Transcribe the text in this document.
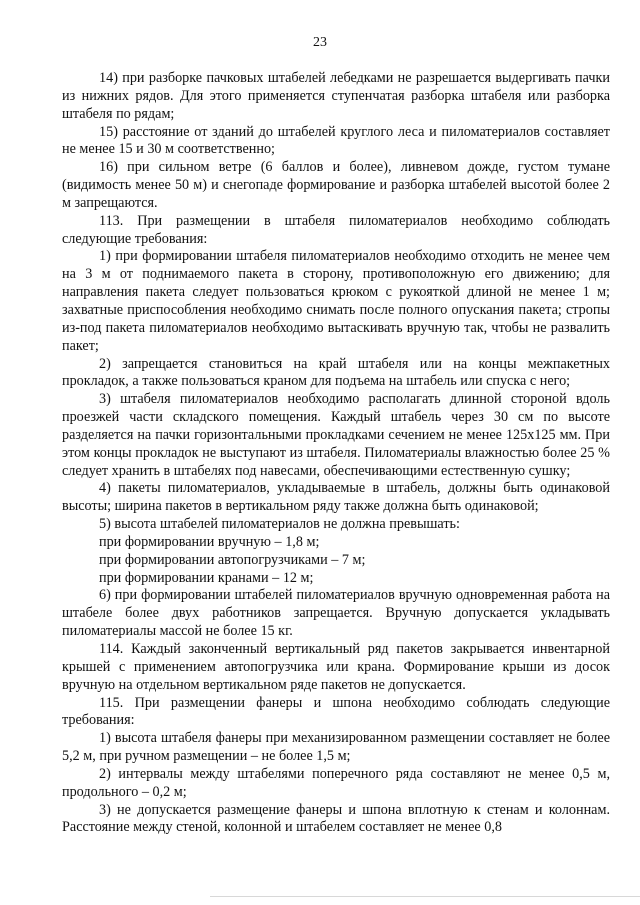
23

14) при разборке пачковых штабелей лебедками не разрешается выдергивать пачки из нижних рядов. Для этого применяется ступенчатая разборка штабеля или разборка штабеля по рядам;

15) расстояние от зданий до штабелей круглого леса и пиломатериалов составляет не менее 15 и 30 м соответственно;

16) при сильном ветре (6 баллов и более), ливневом дожде, густом тумане (видимость менее 50 м) и снегопаде формирование и разборка штабелей высотой более 2 м запрещаются.

113. При размещении в штабеля пиломатериалов необходимо соблюдать следующие требования:

1) при формировании штабеля пиломатериалов необходимо отходить не менее чем на 3 м от поднимаемого пакета в сторону, противоположную его движению; для направления пакета следует пользоваться крюком с рукояткой длиной не менее 1 м; захватные приспособления необходимо снимать после полного опускания пакета; стропы из-под пакета пиломатериалов необходимо вытаскивать вручную так, чтобы не развалить пакет;

2) запрещается становиться на край штабеля или на концы межпакетных прокладок, а также пользоваться краном для подъема на штабель или спуска с него;

3) штабеля пиломатериалов необходимо располагать длинной стороной вдоль проезжей части складского помещения. Каждый штабель через 30 см по высоте разделяется на пачки горизонтальными прокладками сечением не менее 125х125 мм. При этом концы прокладок не выступают из штабеля. Пиломатериалы влажностью более 25 % следует хранить в штабелях под навесами, обеспечивающими естественную сушку;

4) пакеты пиломатериалов, укладываемые в штабель, должны быть одинаковой высоты; ширина пакетов в вертикальном ряду также должна быть одинаковой;

5) высота штабелей пиломатериалов не должна превышать:

при формировании вручную – 1,8 м;

при формировании автопогрузчиками – 7 м;

при формировании кранами – 12 м;

6) при формировании штабелей пиломатериалов вручную одновременная работа на штабеле более двух работников запрещается. Вручную допускается укладывать пиломатериалы массой не более 15 кг.

114. Каждый законченный вертикальный ряд пакетов закрывается инвентарной крышей с применением автопогрузчика или крана. Формирование крыши из досок вручную на отдельном вертикальном ряде пакетов не допускается.

115. При размещении фанеры и шпона необходимо соблюдать следующие требования:

1) высота штабеля фанеры при механизированном размещении составляет не более 5,2 м, при ручном размещении – не более 1,5 м;

2) интервалы между штабелями поперечного ряда составляют не менее 0,5 м, продольного – 0,2 м;

3) не допускается размещение фанеры и шпона вплотную к стенам и колоннам. Расстояние между стеной, колонной и штабелем составляет не менее 0,8
